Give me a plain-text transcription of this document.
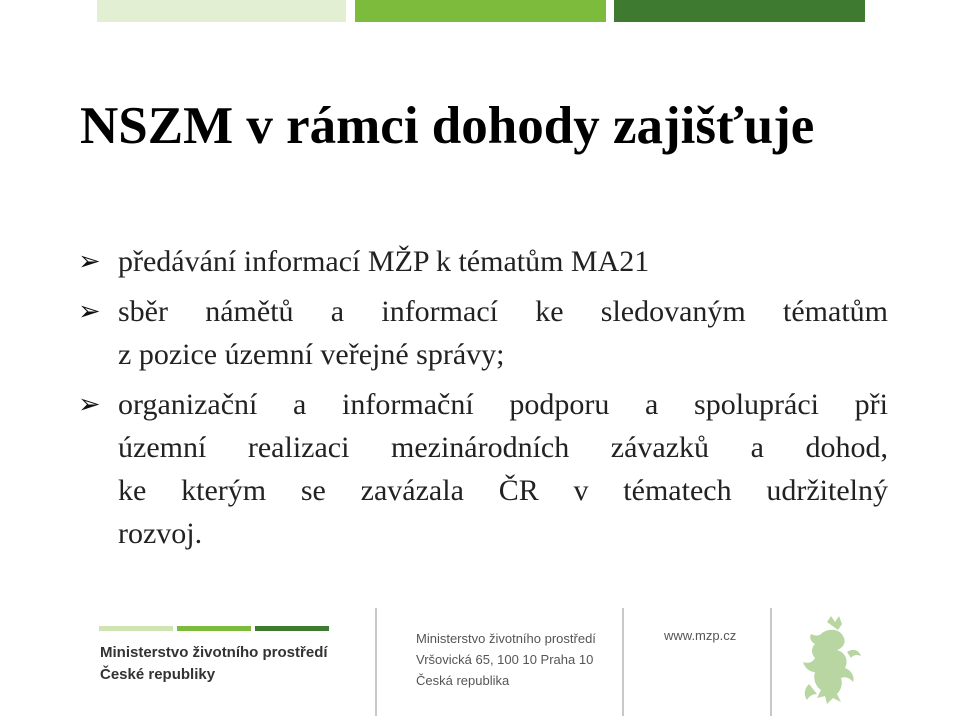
NSZM v rámci dohody zajišťuje
➢ předávání informací MŽP k tématům MA21
➢ sběr námětů a informací ke sledovaným tématům
z pozice územní veřejné správy;
➢ organizační a informační podporu a spolupráci při
územní realizaci mezinárodních závazků a dohod,
ke kterým se zavázala ČR v tématech udržitelný
rozvoj.
Ministerstvo životního prostředí
České republiky
Ministerstvo životního prostředí
Vršovická 65, 100 10 Praha 10
Česká republika
www.mzp.cz
